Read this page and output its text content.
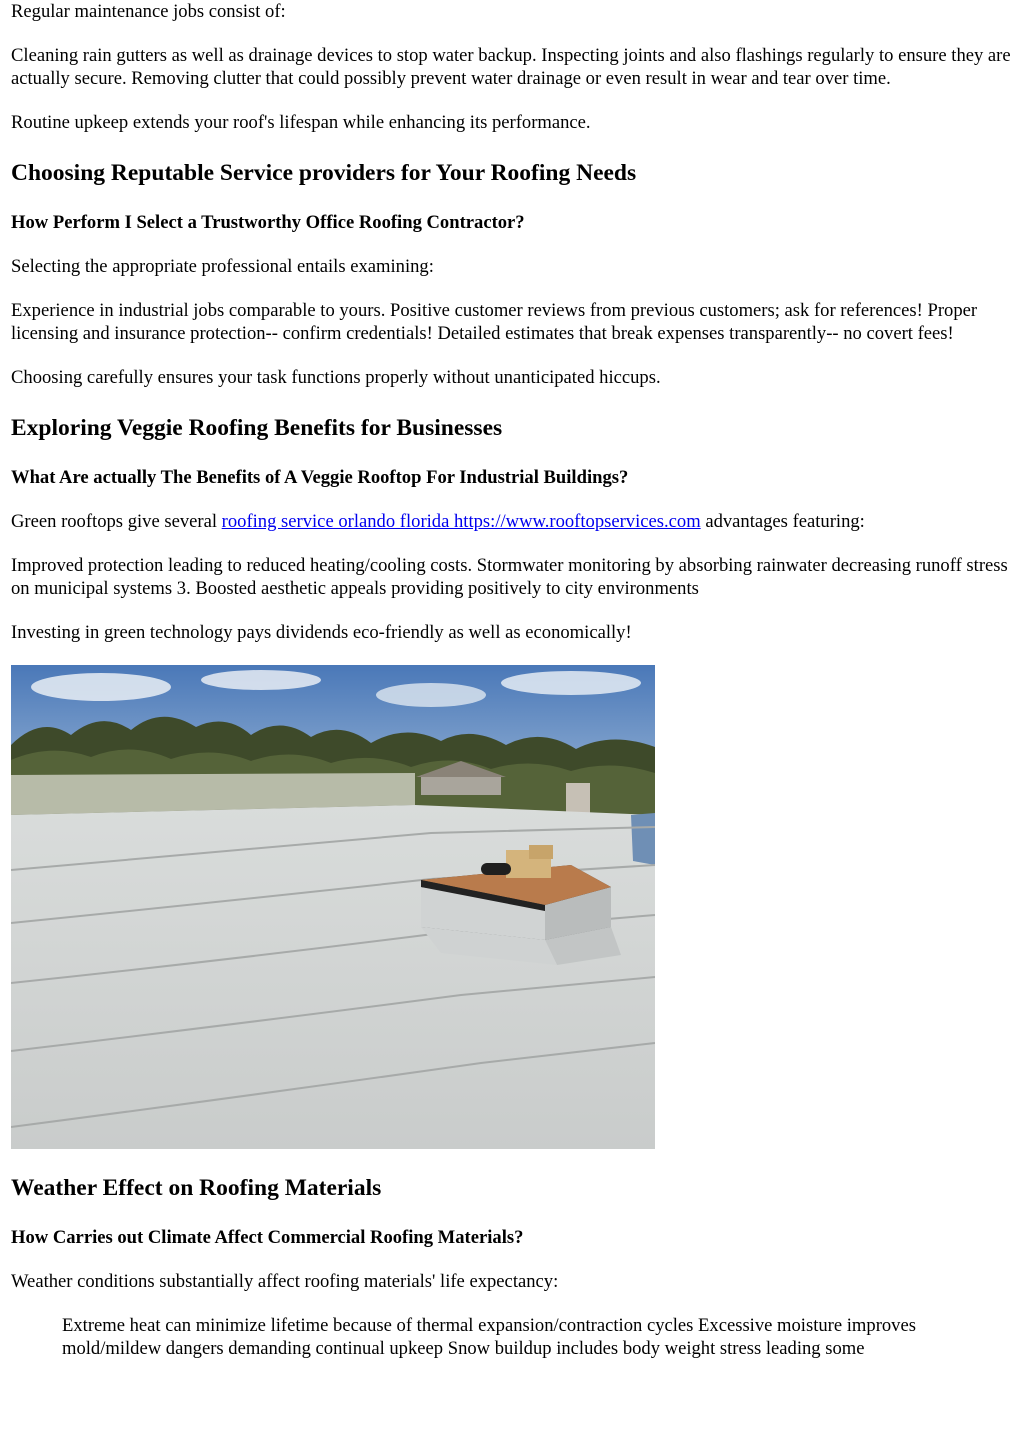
Regular maintenance jobs consist of:

Cleaning rain gutters as well as drainage devices to stop water backup. Inspecting joints and also flashings regularly to ensure they are actually secure. Removing clutter that could possibly prevent water drainage or even result in wear and tear over time.

Routine upkeep extends your roof's lifespan while enhancing its performance.

Choosing Reputable Service providers for Your Roofing Needs
How Perform I Select a Trustworthy Office Roofing Contractor?

Selecting the appropriate professional entails examining:

Experience in industrial jobs comparable to yours. Positive customer reviews from previous customers; ask for references! Proper licensing and insurance protection-- confirm credentials! Detailed estimates that break expenses transparently-- no covert fees!

Choosing carefully ensures your task functions properly without unanticipated hiccups.

Exploring Veggie Roofing Benefits for Businesses
What Are actually The Benefits of A Veggie Rooftop For Industrial Buildings?

Green rooftops give several roofing service orlando florida https://www.rooftopservices.com advantages featuring:

Improved protection leading to reduced heating/cooling costs. Stormwater monitoring by absorbing rainwater decreasing runoff stress on municipal systems 3. Boosted aesthetic appeals providing positively to city environments

Investing in green technology pays dividends eco-friendly as well as economically!

Weather Effect on Roofing Materials
How Carries out Climate Affect Commercial Roofing Materials?

Weather conditions substantially affect roofing materials' life expectancy:

Extreme heat can minimize lifetime because of thermal expansion/contraction cycles Excessive moisture improves mold/mildew dangers demanding continual upkeep Snow buildup includes body weight stress leading some
